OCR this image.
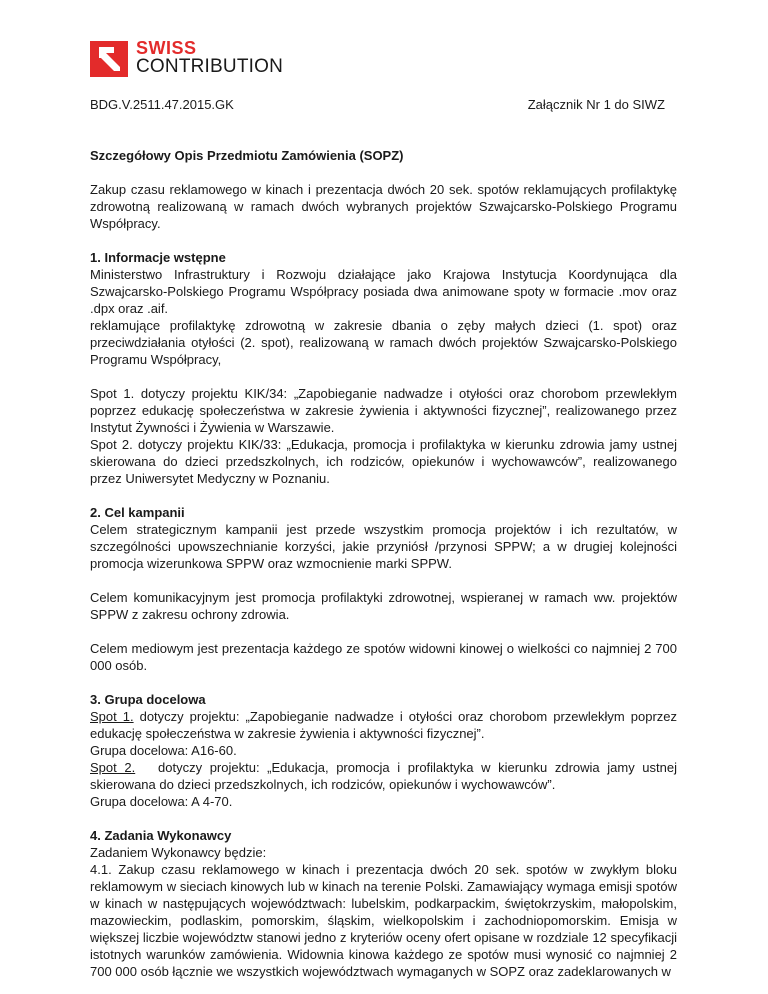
SWISS
CONTRIBUTION
BDG.V.2511.47.2015.GK	Załącznik Nr 1 do SIWZ
Szczegółowy Opis Przedmiotu Zamówienia (SOPZ)

Zakup czasu reklamowego w kinach i prezentacja dwóch 20 sek. spotów reklamujących profilaktykę zdrowotną realizowaną w ramach dwóch wybranych projektów Szwajcarsko-Polskiego Programu Współpracy.

1. Informacje wstępne
Ministerstwo Infrastruktury i Rozwoju działające jako Krajowa Instytucja Koordynująca dla Szwajcarsko-Polskiego Programu Współpracy posiada dwa animowane spoty w formacie .mov oraz .dpx oraz .aif.

reklamujące profilaktykę zdrowotną w zakresie dbania o zęby małych dzieci (1. spot) oraz przeciwdziałania otyłości (2. spot), realizowaną w ramach dwóch projektów Szwajcarsko-Polskiego Programu Współpracy,

Spot 1. dotyczy projektu KIK/34: „Zapobieganie nadwadze i otyłości oraz chorobom przewlekłym poprzez edukację społeczeństwa w zakresie żywienia i aktywności fizycznej”, realizowanego przez Instytut Żywności i Żywienia w Warszawie.

Spot 2. dotyczy projektu KIK/33: „Edukacja, promocja i profilaktyka w kierunku zdrowia jamy ustnej skierowana do dzieci przedszkolnych, ich rodziców, opiekunów i wychowawców”, realizowanego przez Uniwersytet Medyczny w Poznaniu.

2. Cel kampanii

Celem strategicznym kampanii jest przede wszystkim promocja projektów i ich rezultatów, w szczególności upowszechnianie korzyści, jakie przyniósł /przynosi SPPW; a w drugiej kolejności promocja wizerunkowa SPPW oraz wzmocnienie marki SPPW.

Celem komunikacyjnym jest promocja profilaktyki zdrowotnej, wspieranej w ramach ww. projektów SPPW z zakresu ochrony zdrowia.

Celem mediowym jest prezentacja każdego ze spotów widowni kinowej o wielkości co najmniej 2 700 000 osób.

3. Grupa docelowa
Spot 1. dotyczy projektu: „Zapobieganie nadwadze i otyłości oraz chorobom przewlekłym poprzez edukację społeczeństwa w zakresie żywienia i aktywności fizycznej”.
Grupa docelowa: A16-60.
Spot 2.   dotyczy projektu: „Edukacja, promocja i profilaktyka w kierunku zdrowia jamy ustnej skierowana do dzieci przedszkolnych, ich rodziców, opiekunów i wychowawców”.

Grupa docelowa: A 4-70.

4. Zadania Wykonawcy
Zadaniem Wykonawcy będzie:
4.1. Zakup czasu reklamowego w kinach i prezentacja dwóch 20 sek. spotów w zwykłym bloku reklamowym w sieciach kinowych lub w kinach na terenie Polski. Zamawiający wymaga emisji spotów w kinach w następujących województwach: lubelskim, podkarpackim, świętokrzyskim, małopolskim, mazowieckim, podlaskim, pomorskim, śląskim, wielkopolskim i zachodniopomorskim. Emisja w większej liczbie województw stanowi jedno z kryteriów oceny ofert opisane w rozdziale 12 specyfikacji istotnych warunków zamówienia. Widownia kinowa każdego ze spotów musi wynosić co najmniej 2 700 000 osób łącznie we wszystkich województwach wymaganych w SOPZ oraz zadeklarowanych w
